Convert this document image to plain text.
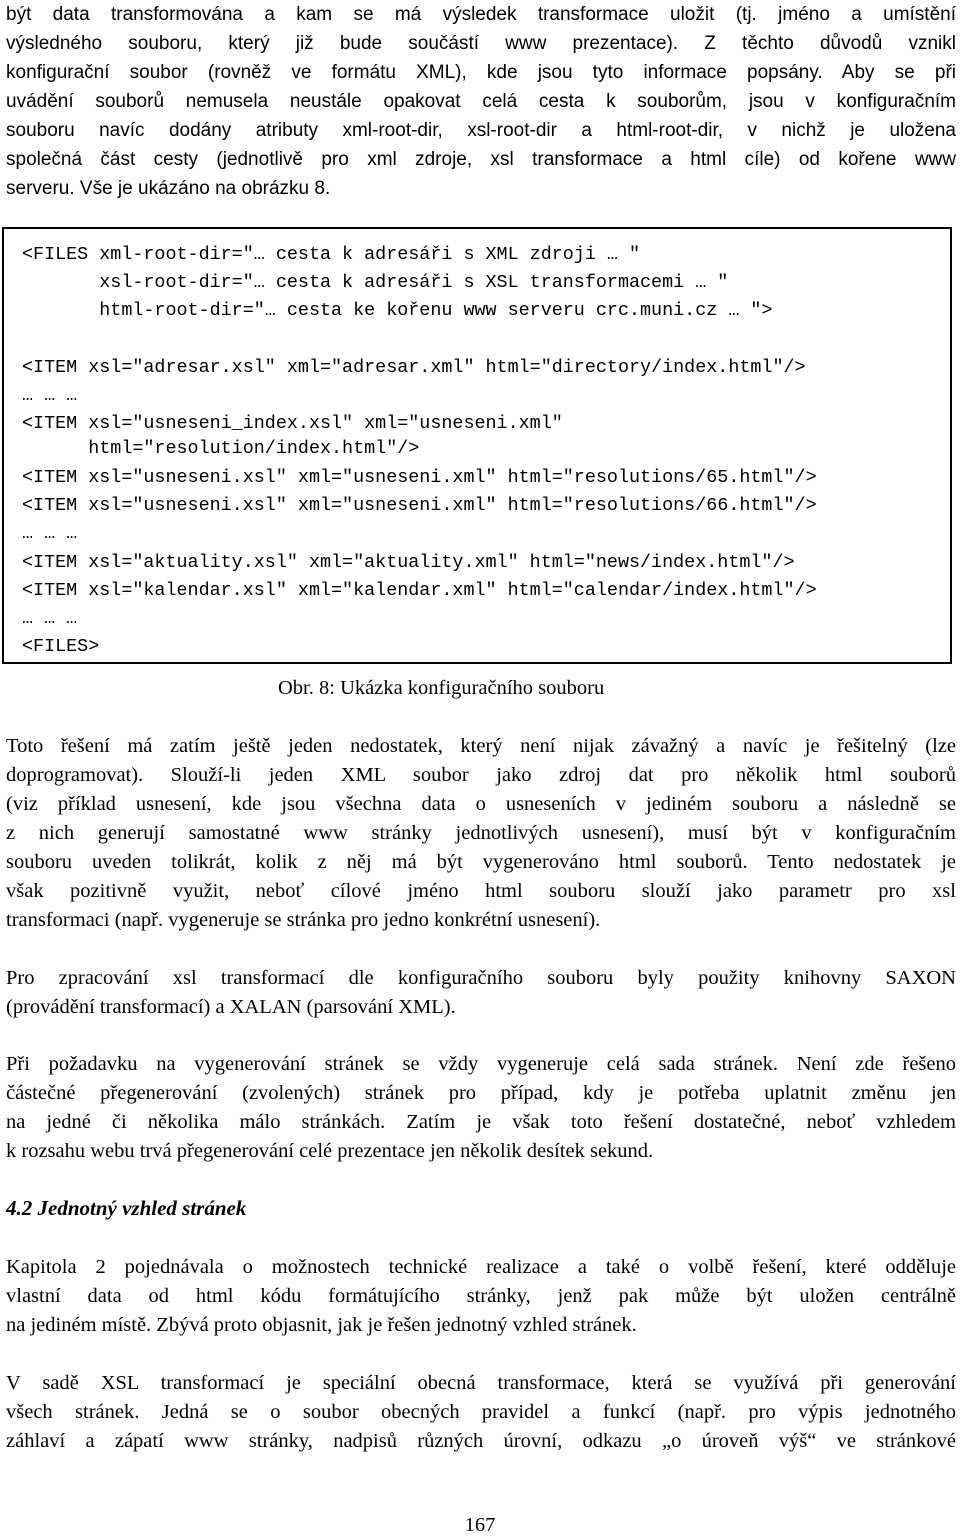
být data transformována a kam se má výsledek transformace uložit (tj. jméno a umístění
výsledného souboru, který již bude součástí www prezentace). Z těchto důvodů vznikl
konfigurační soubor (rovněž ve formátu XML), kde jsou tyto informace popsány. Aby se při
uvádění souborů nemusela neustále opakovat celá cesta k souborům, jsou v konfiguračním
souboru navíc dodány atributy xml-root-dir, xsl-root-dir a html-root-dir, v nichž je uložena
společná část cesty (jednotlivě pro xml zdroje, xsl transformace a html cíle) od kořene www
serveru. Vše je ukázáno na obrázku 8.
<FILES xml-root-dir="… cesta k adresáři s XML zdroji … "
xsl-root-dir="… cesta k adresáři s XSL transformacemi … "
html-root-dir="… cesta ke kořenu www serveru crc.muni.cz … ">
<ITEM xsl="adresar.xsl" xml="adresar.xml" html="directory/index.html"/>
… … …
<ITEM xsl="usneseni_index.xsl" xml="usneseni.xml"
html="resolution/index.html"/>
<ITEM xsl="usneseni.xsl" xml="usneseni.xml" html="resolutions/65.html"/>
<ITEM xsl="usneseni.xsl" xml="usneseni.xml" html="resolutions/66.html"/>
… … …
<ITEM xsl="aktuality.xsl" xml="aktuality.xml" html="news/index.html"/>
<ITEM xsl="kalendar.xsl" xml="kalendar.xml" html="calendar/index.html"/>
… … …
<FILES>
Obr. 8: Ukázka konfiguračního souboru
Toto řešení má zatím ještě jeden nedostatek, který není nijak závažný a navíc je řešitelný (lze
doprogramovat). Slouží-li jeden XML soubor jako zdroj dat pro několik html souborů
(viz příklad usnesení, kde jsou všechna data o usneseních v jediném souboru a následně se
z nich generují samostatné www stránky jednotlivých usnesení), musí být v konfiguračním
souboru uveden tolikrát, kolik z něj má být vygenerováno html souborů. Tento nedostatek je
však pozitivně využit, neboť cílové jméno html souboru slouží jako parametr pro xsl
transformaci (např. vygeneruje se stránka pro jedno konkrétní usnesení).
Pro zpracování xsl transformací dle konfiguračního souboru byly použity knihovny SAXON
(provádění transformací) a XALAN (parsování XML).
Při požadavku na vygenerování stránek se vždy vygeneruje celá sada stránek. Není zde řešeno
částečné přegenerování (zvolených) stránek pro případ, kdy je potřeba uplatnit změnu jen
na jedné či několika málo stránkách. Zatím je však toto řešení dostatečné, neboť vzhledem
k rozsahu webu trvá přegenerování celé prezentace jen několik desítek sekund.
4.2 Jednotný vzhled stránek
Kapitola 2 pojednávala o možnostech technické realizace a také o volbě řešení, které odděluje
vlastní data od html kódu formátujícího stránky, jenž pak může být uložen centrálně
na jediném místě. Zbývá proto objasnit, jak je řešen jednotný vzhled stránek.
V sadě XSL transformací je speciální obecná transformace, která se využívá při generování
všech stránek. Jedná se o soubor obecných pravidel a funkcí (např. pro výpis jednotného
záhlaví a zápatí www stránky, nadpisů různých úrovní, odkazu „o úroveň výš“ ve stránkové
167
